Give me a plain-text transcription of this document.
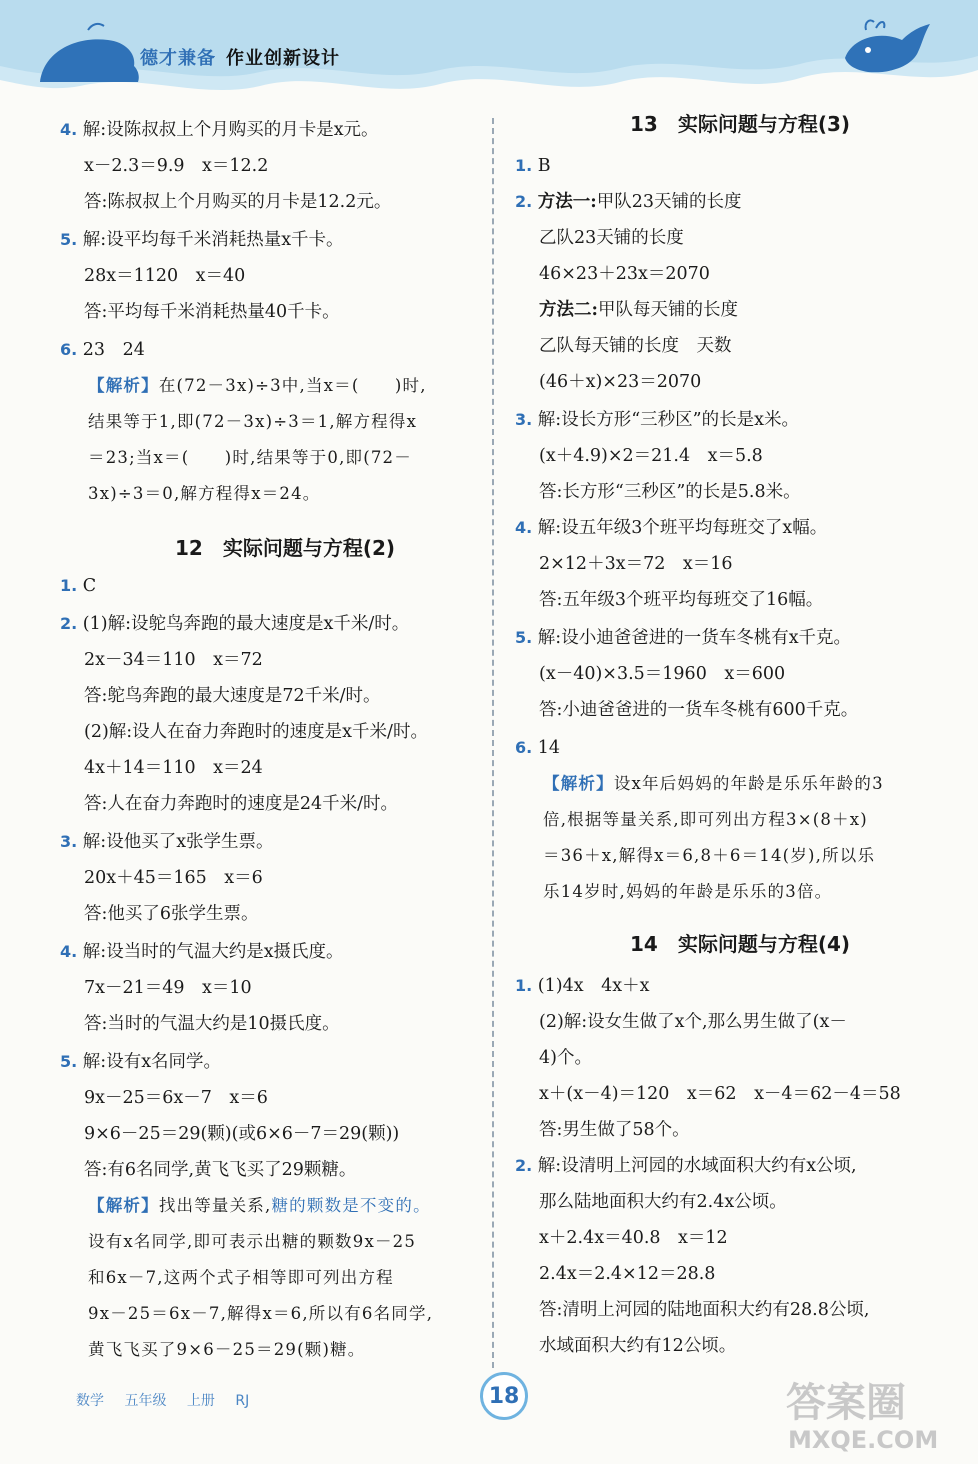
德才兼备 作业创新设计
4. 解:设陈叔叔上个月购买的月卡是x元。
x－2.3＝9.9　x＝12.2
答:陈叔叔上个月购买的月卡是12.2元。
5. 解:设平均每千米消耗热量x千卡。
28x＝1120　x＝40
答:平均每千米消耗热量40千卡。
6. 23　24
【解析】在(72－3x)÷3中,当x＝(　　)时,
结果等于1,即(72－3x)÷3＝1,解方程得x
＝23;当x＝(　　)时,结果等于0,即(72－
3x)÷3＝0,解方程得x＝24。
1. C
2. (1)解:设鸵鸟奔跑的最大速度是x千米/时。
2x－34＝110　x＝72
答:鸵鸟奔跑的最大速度是72千米/时。
(2)解:设人在奋力奔跑时的速度是x千米/时。
4x＋14＝110　x＝24
答:人在奋力奔跑时的速度是24千米/时。
3. 解:设他买了x张学生票。
20x＋45＝165　x＝6
答:他买了6张学生票。
4. 解:设当时的气温大约是x摄氏度。
7x－21＝49　x＝10
答:当时的气温大约是10摄氏度。
5. 解:设有x名同学。
9x－25＝6x－7　x＝6
9×6－25＝29(颗)(或6×6－7＝29(颗))
答:有6名同学,黄飞飞买了29颗糖。
【解析】找出等量关系,糖的颗数是不变的。
设有x名同学,即可表示出糖的颗数9x－25
和6x－7,这两个式子相等即可列出方程
9x－25＝6x－7,解得x＝6,所以有6名同学,
黄飞飞买了9×6－25＝29(颗)糖。
12　实际问题与方程(2)
1. B
2. 方法一:甲队23天铺的长度
乙队23天铺的长度
46×23＋23x＝2070
方法二:甲队每天铺的长度
乙队每天铺的长度　天数
(46＋x)×23＝2070
3. 解:设长方形“三秒区”的长是x米。
(x＋4.9)×2＝21.4　x＝5.8
答:长方形“三秒区”的长是5.8米。
4. 解:设五年级3个班平均每班交了x幅。
2×12＋3x＝72　x＝16
答:五年级3个班平均每班交了16幅。
5. 解:设小迪爸爸进的一货车冬桃有x千克。
(x－40)×3.5＝1960　x＝600
答:小迪爸爸进的一货车冬桃有600千克。
6. 14
【解析】设x年后妈妈的年龄是乐乐年龄的3
倍,根据等量关系,即可列出方程3×(8＋x)
＝36＋x,解得x＝6,8＋6＝14(岁),所以乐
乐14岁时,妈妈的年龄是乐乐的3倍。
1. (1)4x　4x＋x
(2)解:设女生做了x个,那么男生做了(x－
4)个。
x＋(x－4)＝120　x＝62　x－4＝62－4＝58
答:男生做了58个。
2. 解:设清明上河园的水域面积大约有x公顷,
那么陆地面积大约有2.4x公顷。
x＋2.4x＝40.8　x＝12
2.4x＝2.4×12＝28.8
答:清明上河园的陆地面积大约有28.8公顷,
水域面积大约有12公顷。
13　实际问题与方程(3)
14　实际问题与方程(4)
数学 五年级 上册 RJ	18	答案圈
MXQE.COM
